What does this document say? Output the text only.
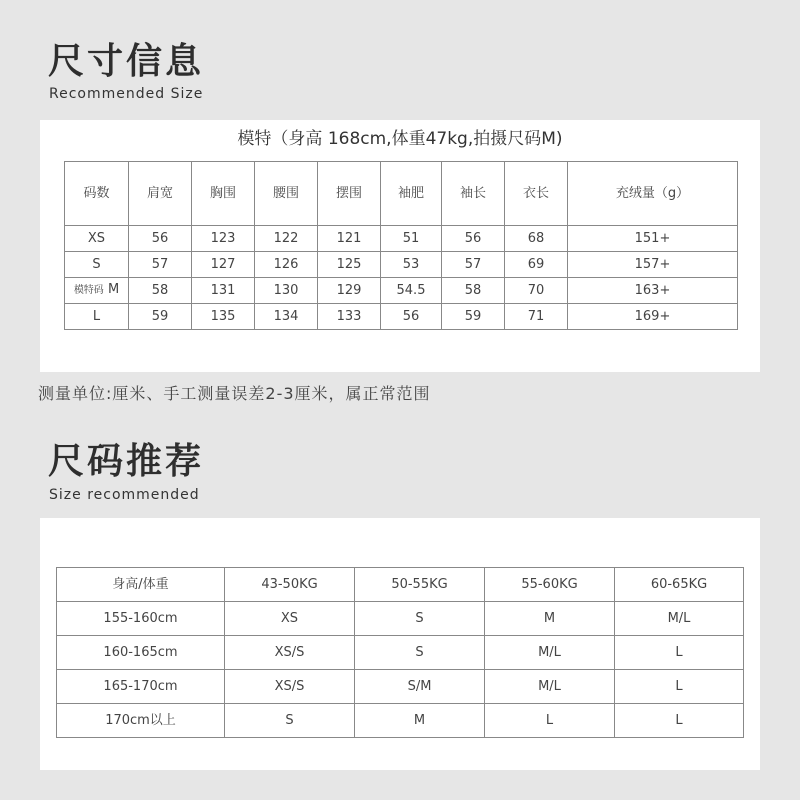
尺寸信息
Recommended Size
模特（身高 168cm,体重47kg,拍摄尺码M)
码数	肩宽	胸围	腰围	摆围	袖肥	袖长	衣长	充绒量（g）
XS	56	123	122	121	51	56	68	151+
S	57	127	126	125	53	57	69	157+
模特码 M	58	131	130	129	54.5	58	70	163+
L	59	135	134	133	56	59	71	169+
测量单位:厘米、手工测量误差2-3厘米，属正常范围
尺码推荐
Size recommended
身高/体重	43-50KG	50-55KG	55-60KG	60-65KG
155-160cm	XS	S	M	M/L
160-165cm	XS/S	S	M/L	L
165-170cm	XS/S	S/M	M/L	L
170cm以上	S	M	L	L
